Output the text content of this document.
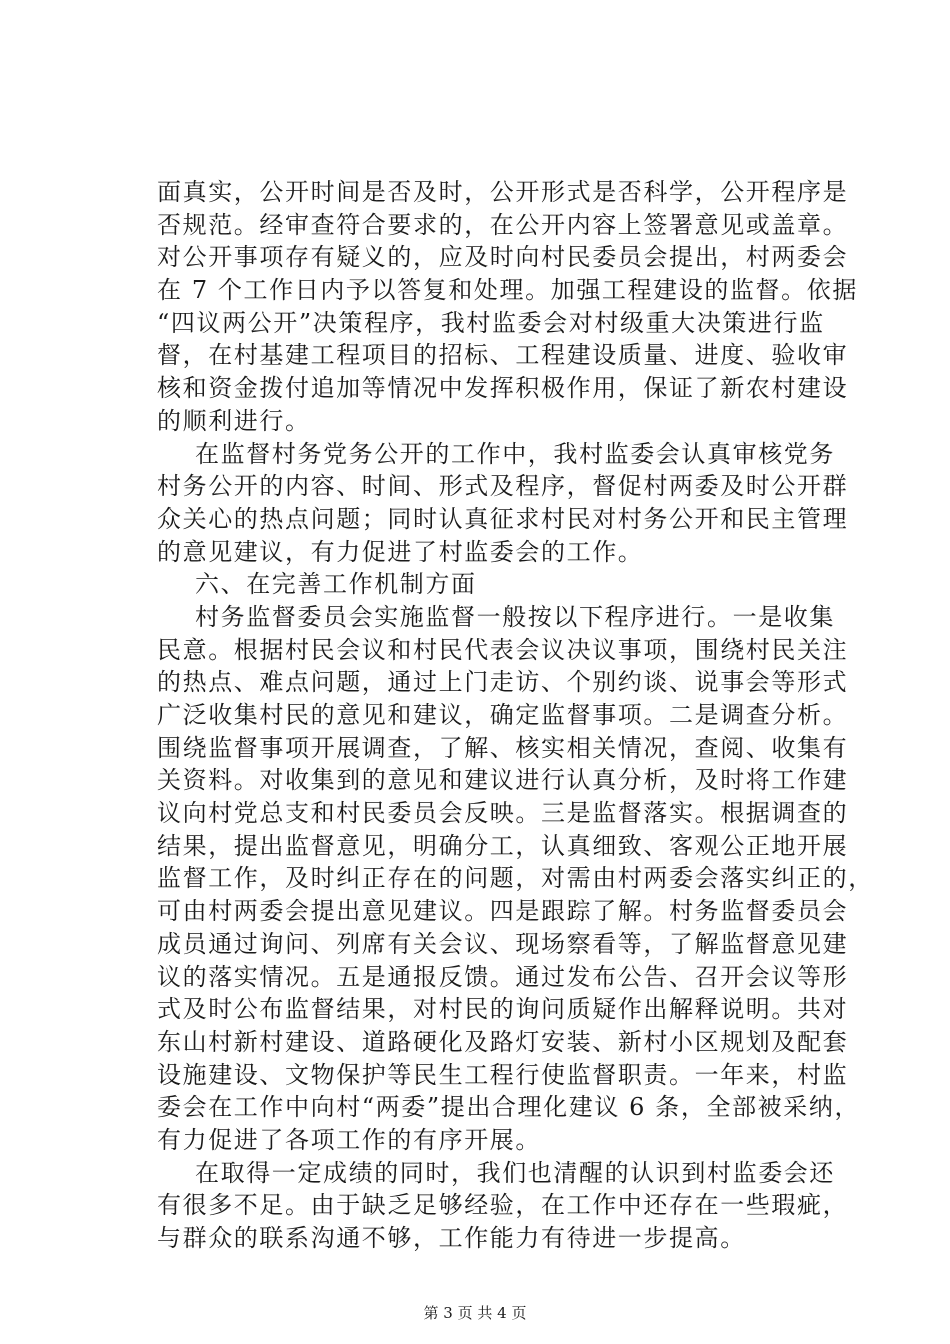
面真实，公开时间是否及时，公开形式是否科学，公开程序是
否规范。经审查符合要求的，在公开内容上签署意见或盖章。
对公开事项存有疑义的，应及时向村民委员会提出，村两委会
在 7 个工作日内予以答复和处理。加强工程建设的监督。依据
“四议两公开”决策程序，我村监委会对村级重大决策进行监
督，在村基建工程项目的招标、工程建设质量、进度、验收审
核和资金拨付追加等情况中发挥积极作用，保证了新农村建设
的顺利进行。
在监督村务党务公开的工作中，我村监委会认真审核党务
村务公开的内容、时间、形式及程序，督促村两委及时公开群
众关心的热点问题；同时认真征求村民对村务公开和民主管理
的意见建议，有力促进了村监委会的工作。
六、在完善工作机制方面
村务监督委员会实施监督一般按以下程序进行。一是收集
民意。根据村民会议和村民代表会议决议事项，围绕村民关注
的热点、难点问题，通过上门走访、个别约谈、说事会等形式
广泛收集村民的意见和建议，确定监督事项。二是调查分析。
围绕监督事项开展调查，了解、核实相关情况，查阅、收集有
关资料。对收集到的意见和建议进行认真分析，及时将工作建
议向村党总支和村民委员会反映。三是监督落实。根据调查的
结果，提出监督意见，明确分工，认真细致、客观公正地开展
监督工作，及时纠正存在的问题，对需由村两委会落实纠正的，
可由村两委会提出意见建议。四是跟踪了解。村务监督委员会
成员通过询问、列席有关会议、现场察看等，了解监督意见建
议的落实情况。五是通报反馈。通过发布公告、召开会议等形
式及时公布监督结果，对村民的询问质疑作出解释说明。共对
东山村新村建设、道路硬化及路灯安装、新村小区规划及配套
设施建设、文物保护等民生工程行使监督职责。一年来，村监
委会在工作中向村“两委”提出合理化建议 6 条，全部被采纳，
有力促进了各项工作的有序开展。
在取得一定成绩的同时，我们也清醒的认识到村监委会还
有很多不足。由于缺乏足够经验，在工作中还存在一些瑕疵，
与群众的联系沟通不够，工作能力有待进一步提高。
第 3 页 共 4 页
